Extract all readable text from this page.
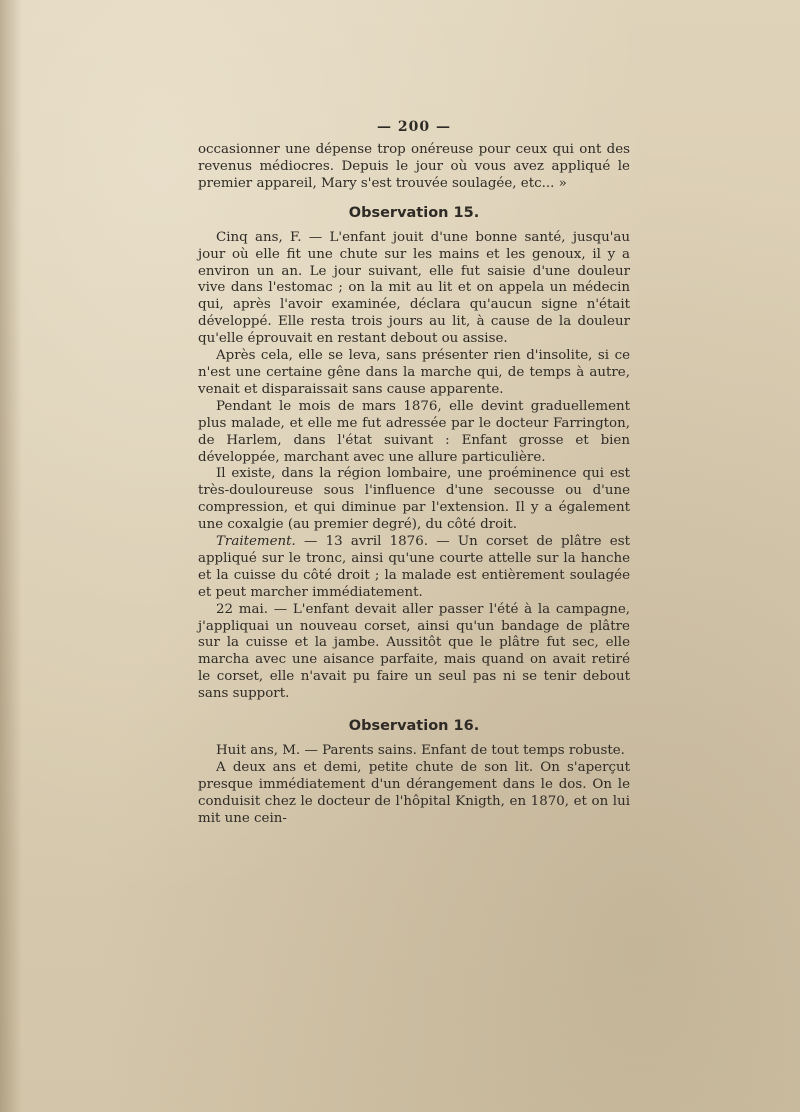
— 200 —

occasionner une dépense trop onéreuse pour ceux qui ont des revenus médiocres. Depuis le jour où vous avez appliqué le premier appareil, Mary s'est trouvée soulagée, etc... »

Observation 15.

Cinq ans, F. — L'enfant jouit d'une bonne santé, jusqu'au jour où elle fit une chute sur les mains et les genoux, il y a environ un an. Le jour suivant, elle fut saisie d'une douleur vive dans l'estomac ; on la mit au lit et on appela un médecin qui, après l'avoir examinée, déclara qu'aucun signe n'était développé. Elle resta trois jours au lit, à cause de la douleur qu'elle éprouvait en restant debout ou assise.

Après cela, elle se leva, sans présenter rien d'insolite, si ce n'est une certaine gêne dans la marche qui, de temps à autre, venait et disparaissait sans cause apparente.

Pendant le mois de mars 1876, elle devint graduellement plus malade, et elle me fut adressée par le docteur Farrington, de Harlem, dans l'état suivant : Enfant grosse et bien développée, marchant avec une allure particulière.

Il existe, dans la région lombaire, une proéminence qui est très-douloureuse sous l'influence d'une secousse ou d'une compression, et qui diminue par l'extension. Il y a également une coxalgie (au premier degré), du côté droit.

Traitement. — 13 avril 1876. — Un corset de plâtre est appliqué sur le tronc, ainsi qu'une courte attelle sur la hanche et la cuisse du côté droit ; la malade est entièrement soulagée et peut marcher immédiatement.

22 mai. — L'enfant devait aller passer l'été à la campagne, j'appliquai un nouveau corset, ainsi qu'un bandage de plâtre sur la cuisse et la jambe. Aussitôt que le plâtre fut sec, elle marcha avec une aisance parfaite, mais quand on avait retiré le corset, elle n'avait pu faire un seul pas ni se tenir debout sans support.

Observation 16.

Huit ans, M. — Parents sains. Enfant de tout temps robuste.

A deux ans et demi, petite chute de son lit. On s'aperçut presque immédiatement d'un dérangement dans le dos. On le conduisit chez le docteur de l'hôpital Knigth, en 1870, et on lui mit une cein-
